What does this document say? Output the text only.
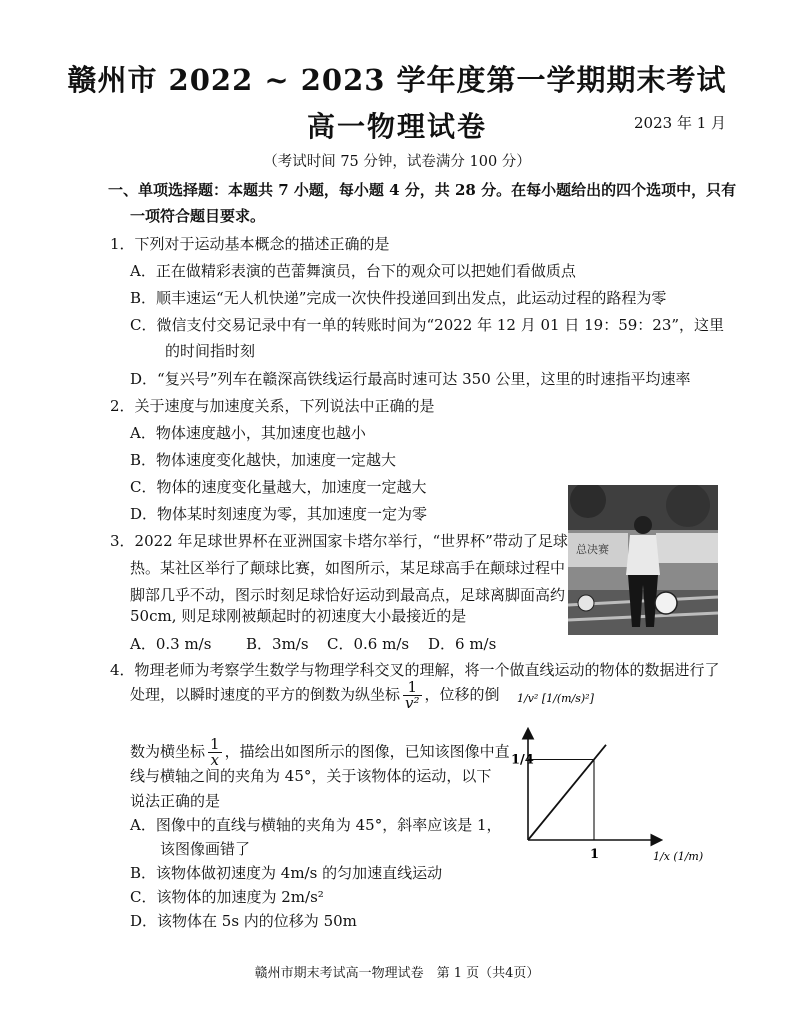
赣州市 2022 ~ 2023 学年度第一学期期末考试
高一物理试卷	2023 年 1 月
（考试时间 75 分钟，试卷满分 100 分）
一、单项选择题：本题共 7 小题，每小题 4 分，共 28 分。在每小题给出的四个选项中，只有
一项符合题目要求。
1．下列对于运动基本概念的描述正确的是
A．正在做精彩表演的芭蕾舞演员，台下的观众可以把她们看做质点
B．顺丰速运“无人机快递”完成一次快件投递回到出发点，此运动过程的路程为零
C．微信支付交易记录中有一单的转账时间为“2022 年 12 月 01 日 19：59：23”，这里
的时间指时刻
D．“复兴号”列车在赣深高铁线运行最高时速可达 350 公里，这里的时速指平均速率
2．关于速度与加速度关系，下列说法中正确的是
A．物体速度越小，其加速度也越小
B．物体速度变化越快，加速度一定越大
C．物体的速度变化量越大，加速度一定越大
D．物体某时刻速度为零，其加速度一定为零
3．2022 年足球世界杯在亚洲国家卡塔尔举行，“世界杯”带动了足球
热。某社区举行了颠球比赛，如图所示，某足球高手在颠球过程中
脚部几乎不动，图示时刻足球恰好运动到最高点，足球离脚面高约
50cm, 则足球刚被颠起时的初速度大小最接近的是
A．0.3 m/s B．3m/s C．0.6 m/s D．6 m/s
总决赛
4．物理老师为考察学生数学与物理学科交叉的理解，将一个做直线运动的物体的数据进行了
处理，以瞬时速度的平方的倒数为纵坐标 $\frac{1}{\text{v²}}$ ，位移的倒
数为横坐标 $\frac{1}{x}$ ，描绘出如图所示的图像，已知该图像中直
线与横轴之间的夹角为 45°，关于该物体的运动，以下
说法正确的是
A．图像中的直线与横轴的夹角为 45°，斜率应该是 1，
该图像画错了
B．该物体做初速度为 4m/s 的匀加速直线运动
C．该物体的加速度为 2m/s²
D．该物体在 5s 内的位移为 50m
1/v² [1/(m/s)²]
1/4
1	1/x (1/m)
赣州市期末考试高一物理试卷　第 1 页（共4页）
